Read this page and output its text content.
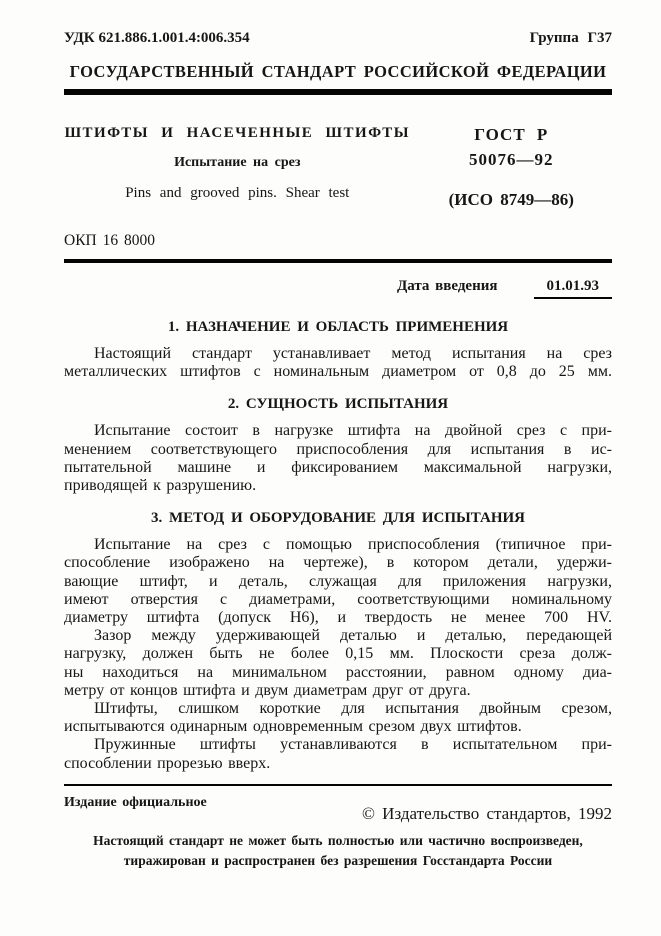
УДК 621.886.1.001.4:006.354	Группа Г37
ГОСУДАРСТВЕННЫЙ СТАНДАРТ РОССИЙСКОЙ ФЕДЕРАЦИИ
ШТИФТЫ И НАСЕЧЕННЫЕ ШТИФТЫ
Испытание на срез
Pins and grooved pins. Shear test
ГОСТ Р
50076—92
(ИСО 8749—86)
ОКП 16 8000
Дата введения	01.01.93
1. НАЗНАЧЕНИЕ И ОБЛАСТЬ ПРИМЕНЕНИЯ
Настоящий стандарт устанавливает метод испытания на срез
металлических штифтов с номинальным диаметром от 0,8 до 25 мм.
2. СУЩНОСТЬ ИСПЫТАНИЯ
Испытание состоит в нагрузке штифта на двойной срез с при-
менением соответствующего приспособления для испытания в ис-
пытательной машине и фиксированием максимальной нагрузки,
приводящей к разрушению.
3. МЕТОД И ОБОРУДОВАНИЕ ДЛЯ ИСПЫТАНИЯ
Испытание на срез с помощью приспособления (типичное при-
способление изображено на чертеже), в котором детали, удержи-
вающие штифт, и деталь, служащая для приложения нагрузки,
имеют отверстия с диаметрами, соответствующими номинальному
диаметру штифта (допуск Н6), и твердость не менее 700 HV.
Зазор между удерживающей деталью и деталью, передающей
нагрузку, должен быть не более 0,15 мм. Плоскости среза долж-
ны находиться на минимальном расстоянии, равном одному диа-
метру от концов штифта и двум диаметрам друг от друга.
Штифты, слишком короткие для испытания двойным срезом,
испытываются одинарным одновременным срезом двух штифтов.
Пружинные штифты устанавливаются в испытательном при-
способлении прорезью вверх.
Издание официальное
© Издательство стандартов, 1992
Настоящий стандарт не может быть полностью или частично воспроизведен,
тиражирован и распространен без разрешения Госстандарта России
